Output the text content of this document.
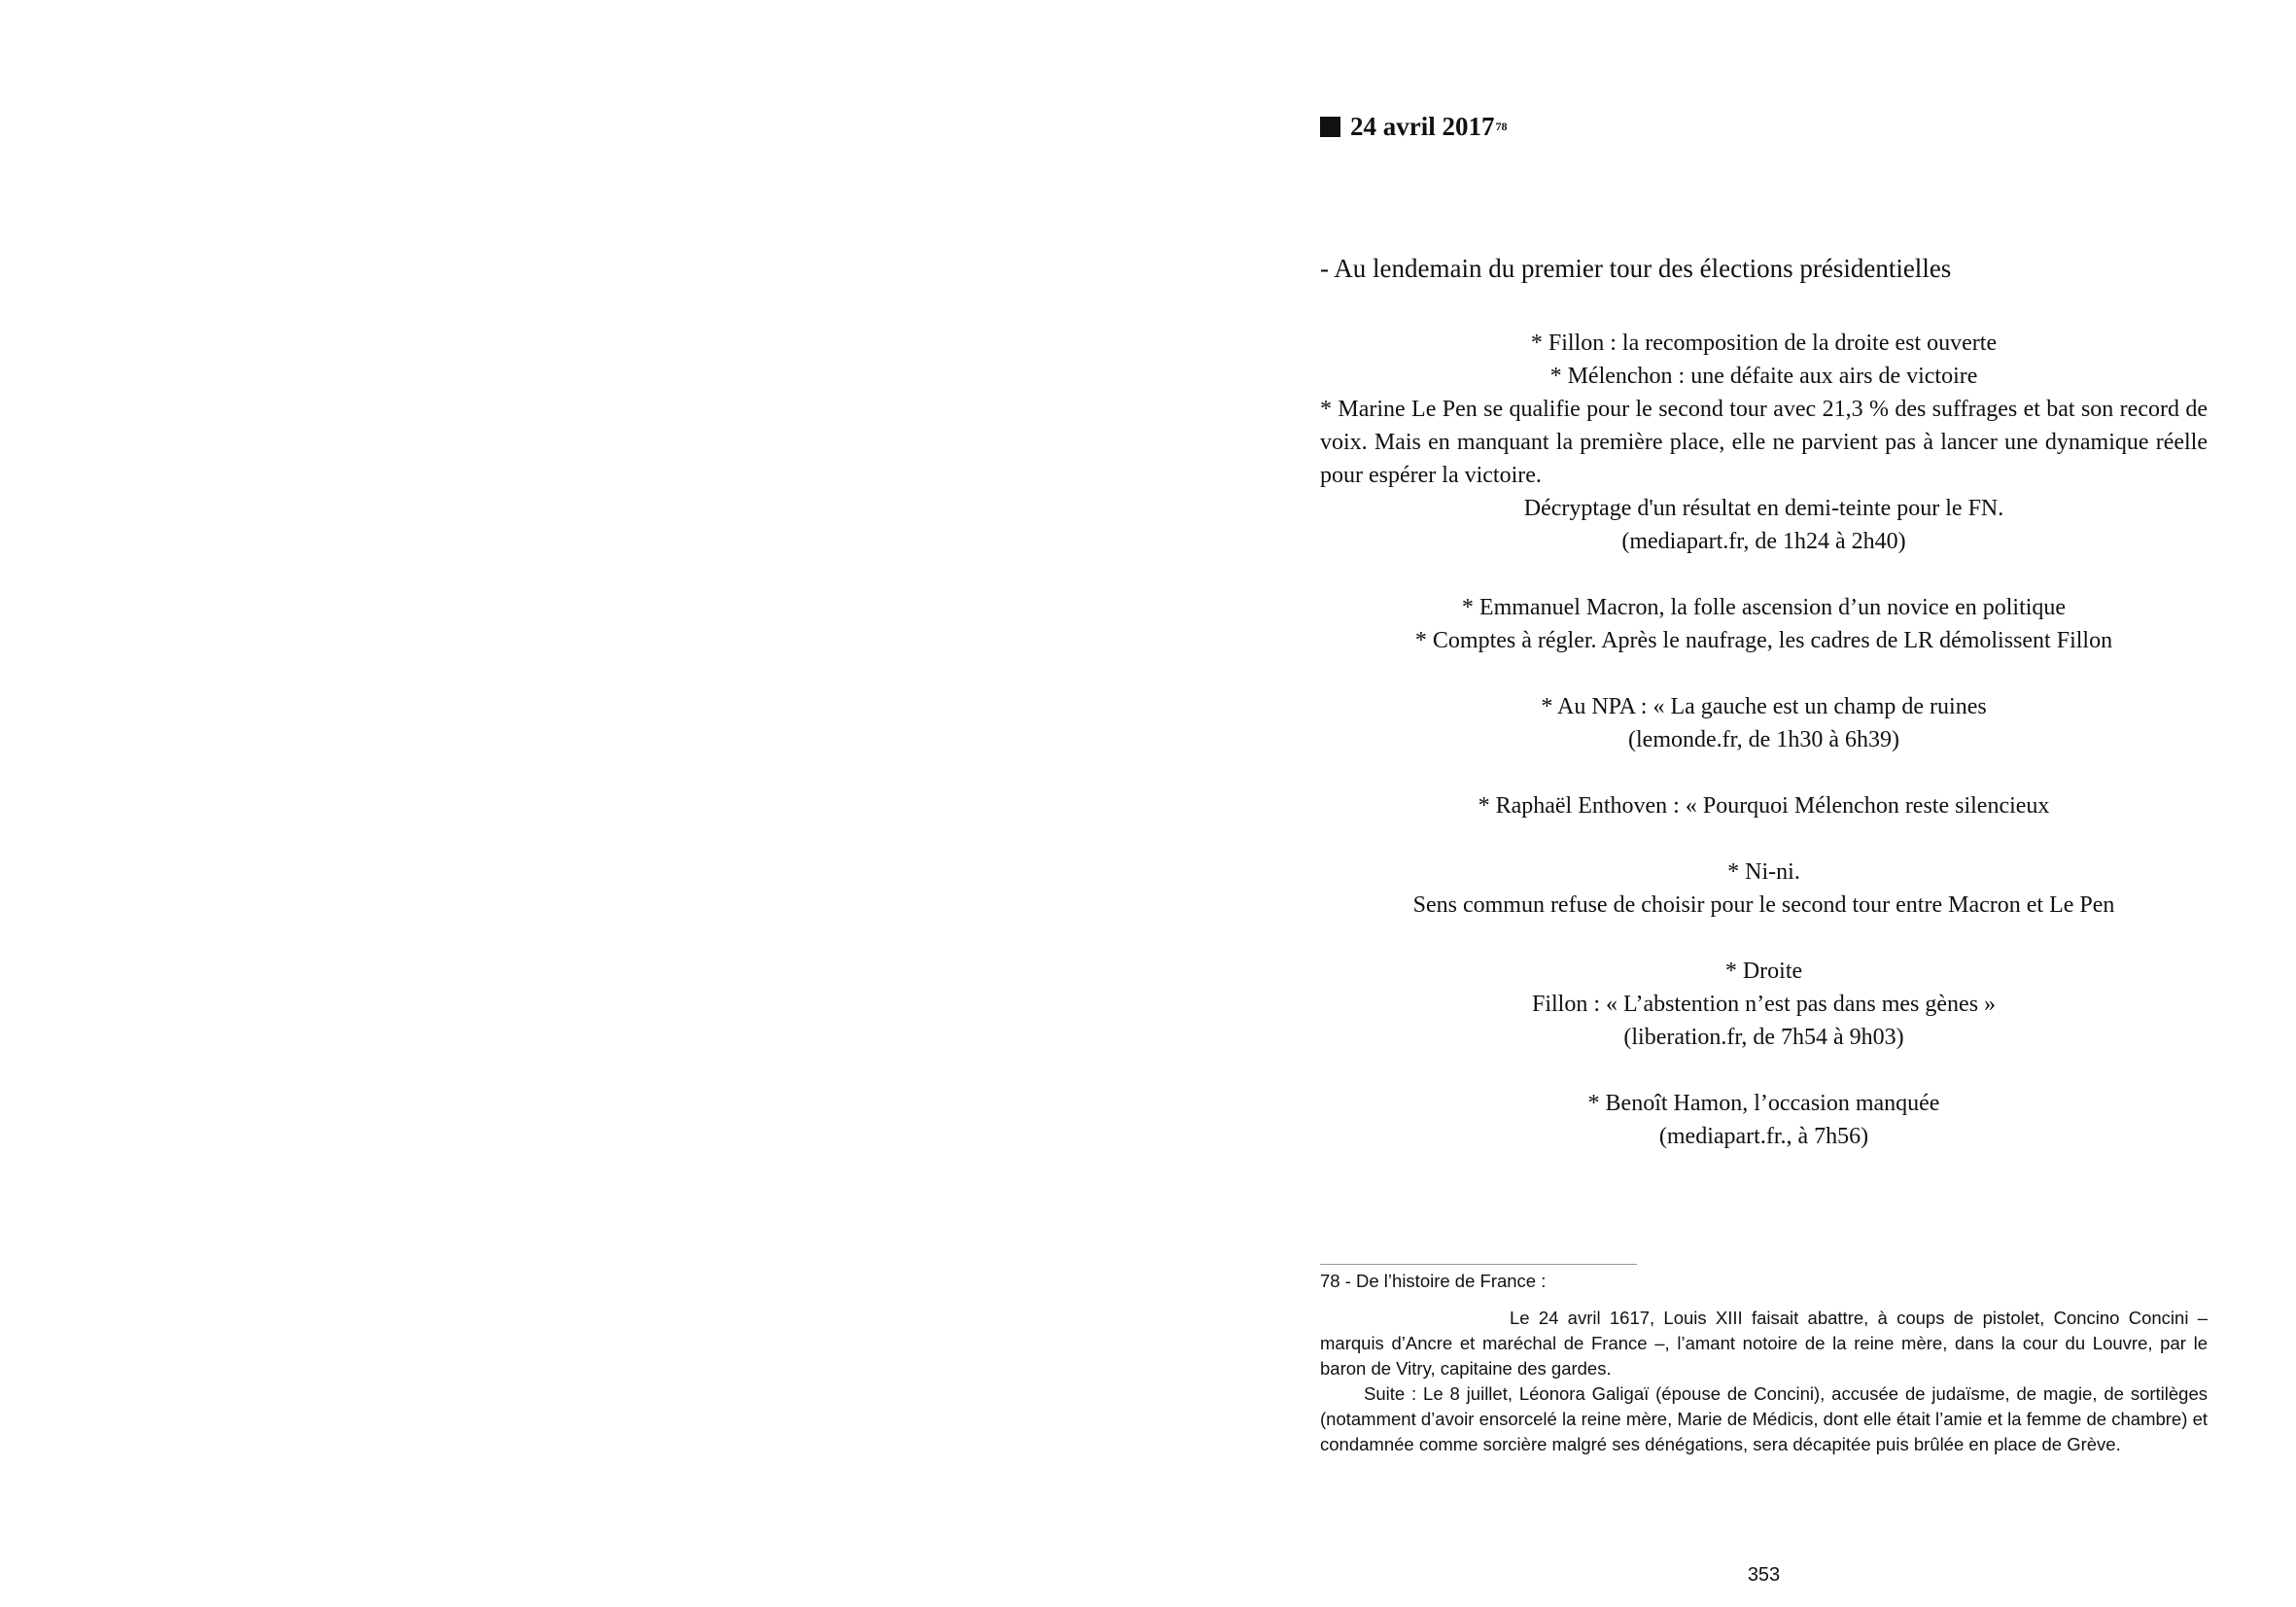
24 avril 2017 78
- Au lendemain du premier tour des élections présidentielles
* Fillon : la recomposition de la droite est ouverte
* Mélenchon : une défaite aux airs de victoire
* Marine Le Pen se qualifie pour le second tour avec 21,3 % des suffrages et bat son record de voix. Mais en manquant la première place, elle ne parvient pas à lancer une dynamique réelle pour espérer la victoire.
Décryptage d'un résultat en demi-teinte pour le FN.
(mediapart.fr, de 1h24 à 2h40)
* Emmanuel Macron, la folle ascension d’un novice en politique
* Comptes à régler. Après le naufrage, les cadres de LR démolissent Fillon
* Au NPA : « La gauche est un champ de ruines
(lemonde.fr, de 1h30 à 6h39)
* Raphaël Enthoven : « Pourquoi Mélenchon reste silencieux
* Ni-ni.
Sens commun refuse de choisir pour le second tour entre Macron et Le Pen
* Droite
Fillon : « L’abstention n’est pas dans mes gènes »
(liberation.fr, de 7h54 à 9h03)
* Benoît Hamon, l’occasion manquée
(mediapart.fr., à 7h56)
78 - De l’histoire de France :
Le 24 avril 1617, Louis XIII faisait abattre, à coups de pistolet, Concino Concini – marquis d’Ancre et maréchal de France –, l’amant notoire de la reine mère, dans la cour du Louvre, par le baron de Vitry, capitaine des gardes.
Suite : Le 8 juillet, Léonora Galigaï (épouse de Concini), accusée de judaïsme, de magie, de sortilèges (notamment d’avoir ensorcelé la reine mère, Marie de Médicis, dont elle était l’amie et la femme de chambre) et condamnée comme sorcière malgré ses dénégations, sera décapitée puis brûlée en place de Grève.
353
